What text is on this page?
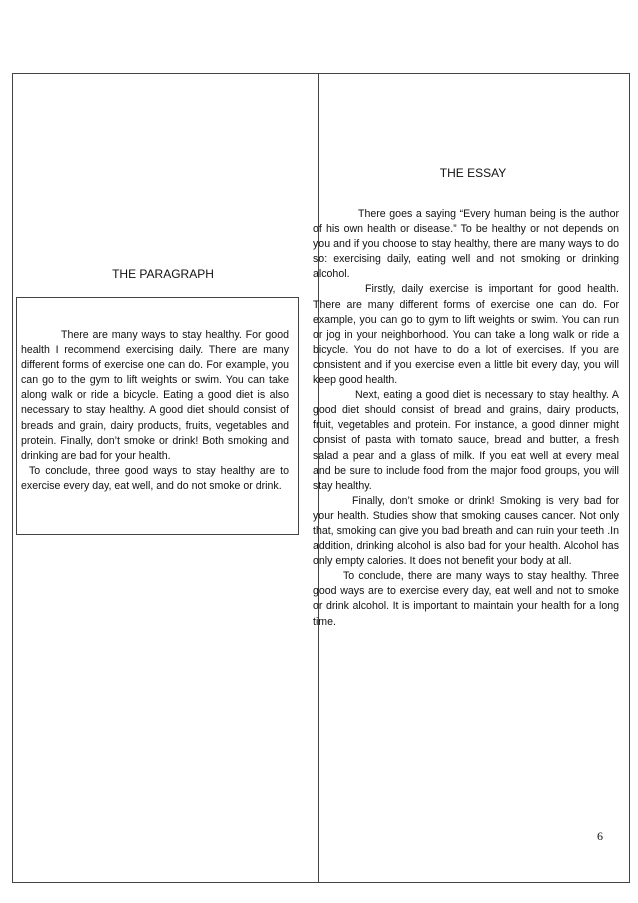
THE PARAGRAPH

There are many ways to stay healthy. For good health I recommend exercising daily. There are many different forms of exercise one can do. For example, you can go to the gym to lift weights or swim. You can take along walk or ride a bicycle. Eating a good diet is also necessary to stay healthy. A good diet should consist of breads and grain, dairy products, fruits, vegetables and protein. Finally, don’t smoke or drink! Both smoking and drinking are bad for your health.

To conclude, three good ways to stay healthy are to exercise every day, eat well, and do not smoke or drink.

THE ESSAY

There goes a saying “Every human being is the author of his own health or disease.” To be healthy or not depends on you and if you choose to stay healthy, there are many ways to do so: exercising daily, eating well and not smoking or drinking alcohol.

Firstly, daily exercise is important for good health. There are many different forms of exercise one can do. For example, you can go to gym to lift weights or swim. You can run or jog in your neighborhood. You can take a long walk or ride a bicycle. You do not have to do a lot of exercises. If you are consistent and if you exercise even a little bit every day, you will keep good health.

Next, eating a good diet is necessary to stay healthy. A good diet should consist of bread and grains, dairy products, fruit, vegetables and protein. For instance, a good dinner might consist of pasta with tomato sauce, bread and butter, a fresh salad a pear and a glass of milk. If you eat well at every meal and be sure to include food from the major food groups, you will stay healthy.

Finally, don’t smoke or drink! Smoking is very bad for your health. Studies show that smoking causes cancer. Not only that, smoking can give you bad breath and can ruin your teeth .In addition, drinking alcohol is also bad for your health. Alcohol has only empty calories. It does not benefit your body at all.

To conclude, there are many ways to stay healthy. Three good ways are to exercise every day, eat well and not to smoke or drink alcohol. It is important to maintain your health for a long time.

6
